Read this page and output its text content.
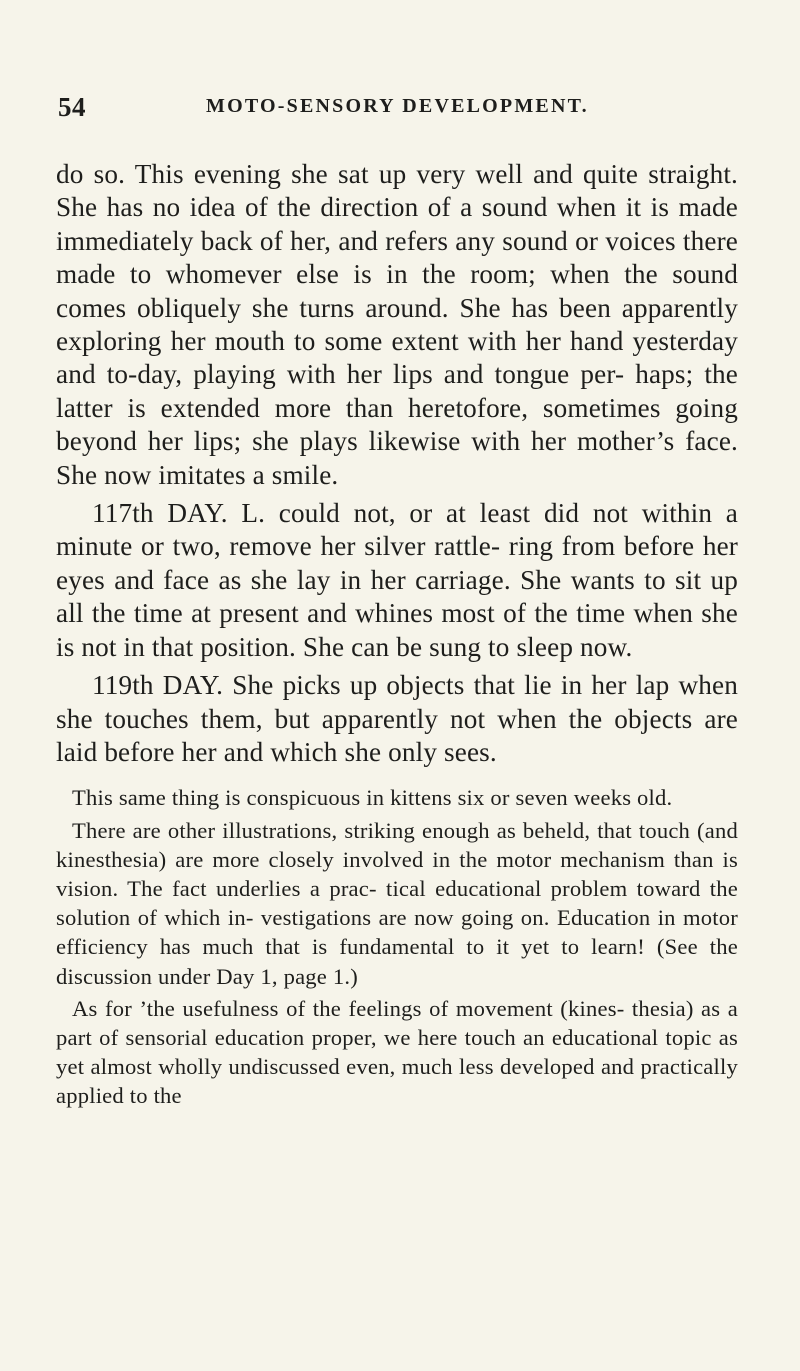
54	MOTO-SENSORY DEVELOPMENT.

do so. This evening she sat up very well and quite straight. She has no idea of the direction of a sound when it is made immediately back of her, and refers any sound or voices there made to whomever else is in the room; when the sound comes obliquely she turns around. She has been apparently exploring her mouth to some extent with her hand yesterday and to-day, playing with her lips and tongue per- haps; the latter is extended more than heretofore, sometimes going beyond her lips; she plays likewise with her mother’s face. She now imitates a smile.

117th DAY. L. could not, or at least did not within a minute or two, remove her silver rattle- ring from before her eyes and face as she lay in her carriage. She wants to sit up all the time at present and whines most of the time when she is not in that position. She can be sung to sleep now.

119th DAY. She picks up objects that lie in her lap when she touches them, but apparently not when the objects are laid before her and which she only sees.

This same thing is conspicuous in kittens six or seven weeks old.

There are other illustrations, striking enough as beheld, that touch (and kinesthesia) are more closely involved in the motor mechanism than is vision. The fact underlies a prac- tical educational problem toward the solution of which in- vestigations are now going on. Education in motor efficiency has much that is fundamental to it yet to learn! (See the discussion under Day 1, page 1.)

As for ’the usefulness of the feelings of movement (kines- thesia) as a part of sensorial education proper, we here touch an educational topic as yet almost wholly undiscussed even, much less developed and practically applied to the
